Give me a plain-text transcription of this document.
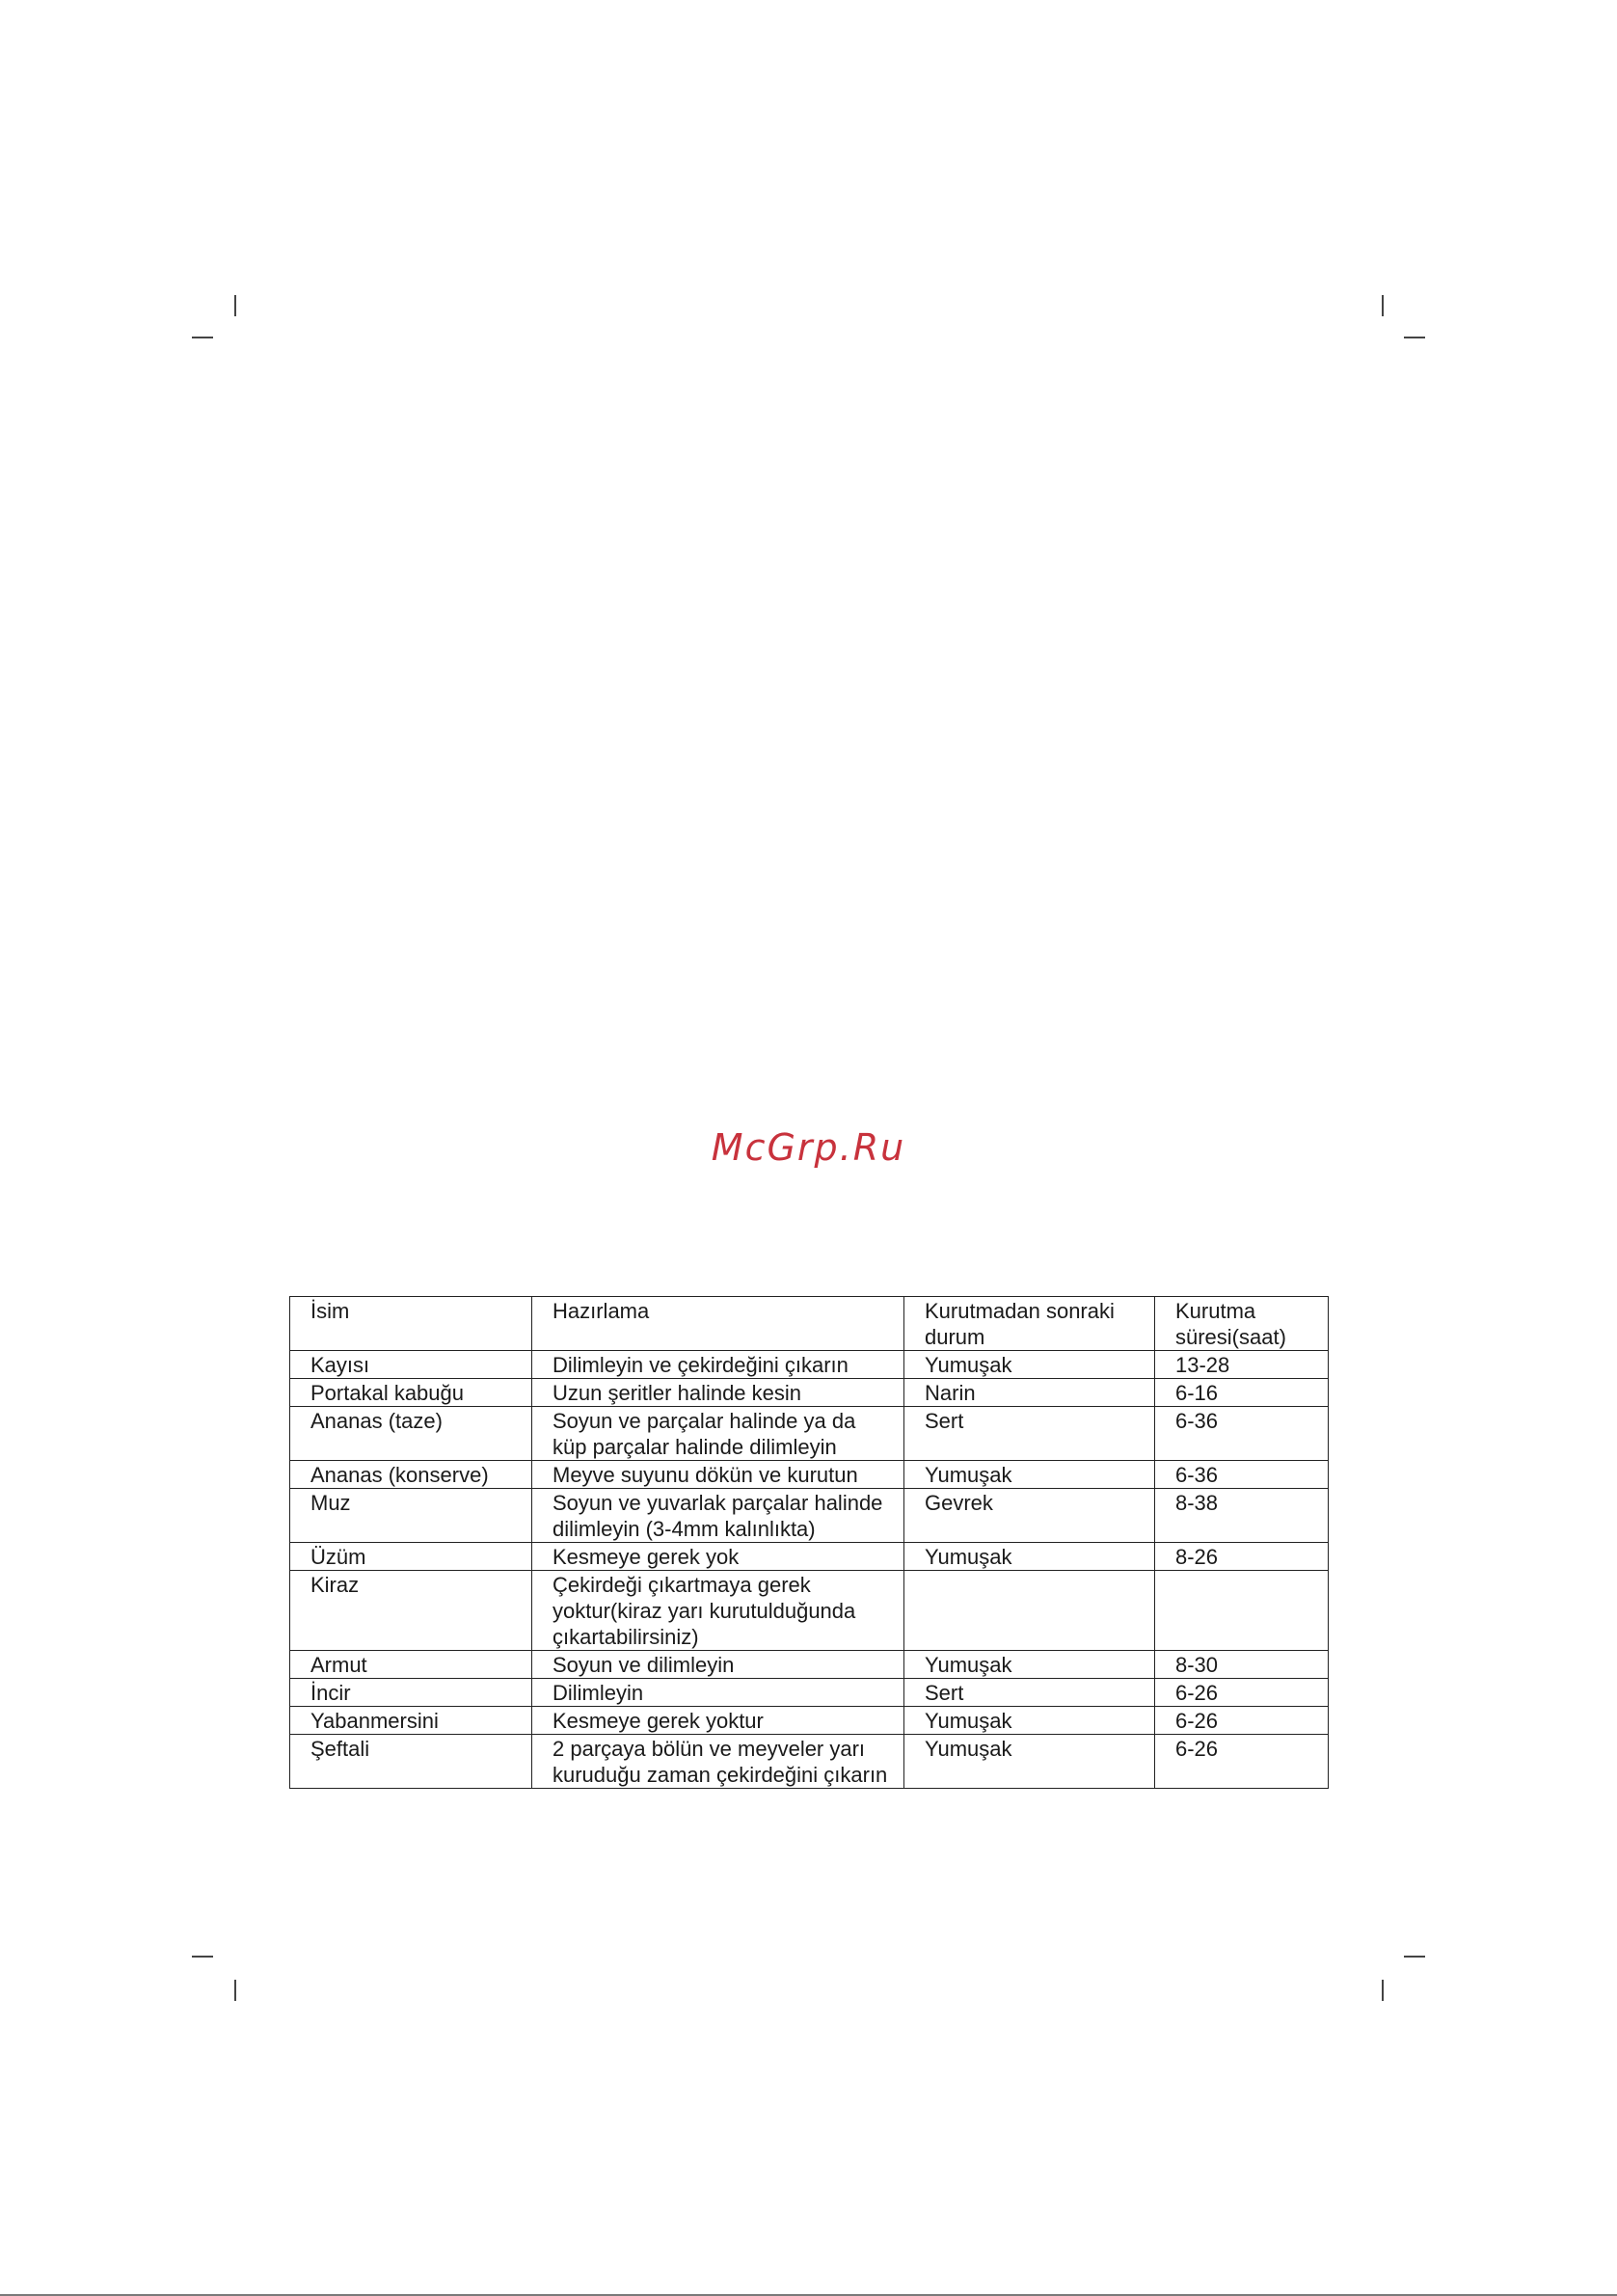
McGrp.Ru
İsim	Hazırlama	Kurutmadan sonraki durum	Kurutma süresi(saat)
Kayısı	Dilimleyin ve çekirdeğini çıkarın	Yumuşak	13-28
Portakal kabuğu	Uzun şeritler halinde kesin	Narin	6-16
Ananas (taze)	Soyun ve parçalar halinde ya da küp parçalar halinde dilimleyin	Sert	6-36
Ananas (konserve)	Meyve suyunu dökün ve kurutun	Yumuşak	6-36
Muz	Soyun ve yuvarlak parçalar halinde dilimleyin (3-4mm kalınlıkta)	Gevrek	8-38
Üzüm	Kesmeye gerek yok	Yumuşak	8-26
Kiraz	Çekirdeği çıkartmaya gerek yoktur(kiraz yarı kurutulduğunda çıkartabilirsiniz)		
Armut	Soyun ve dilimleyin	Yumuşak	8-30
İncir	Dilimleyin	Sert	6-26
Yabanmersini	Kesmeye gerek yoktur	Yumuşak	6-26
Şeftali	2 parçaya bölün ve meyveler yarı kuruduğu zaman çekirdeğini çıkarın	Yumuşak	6-26
